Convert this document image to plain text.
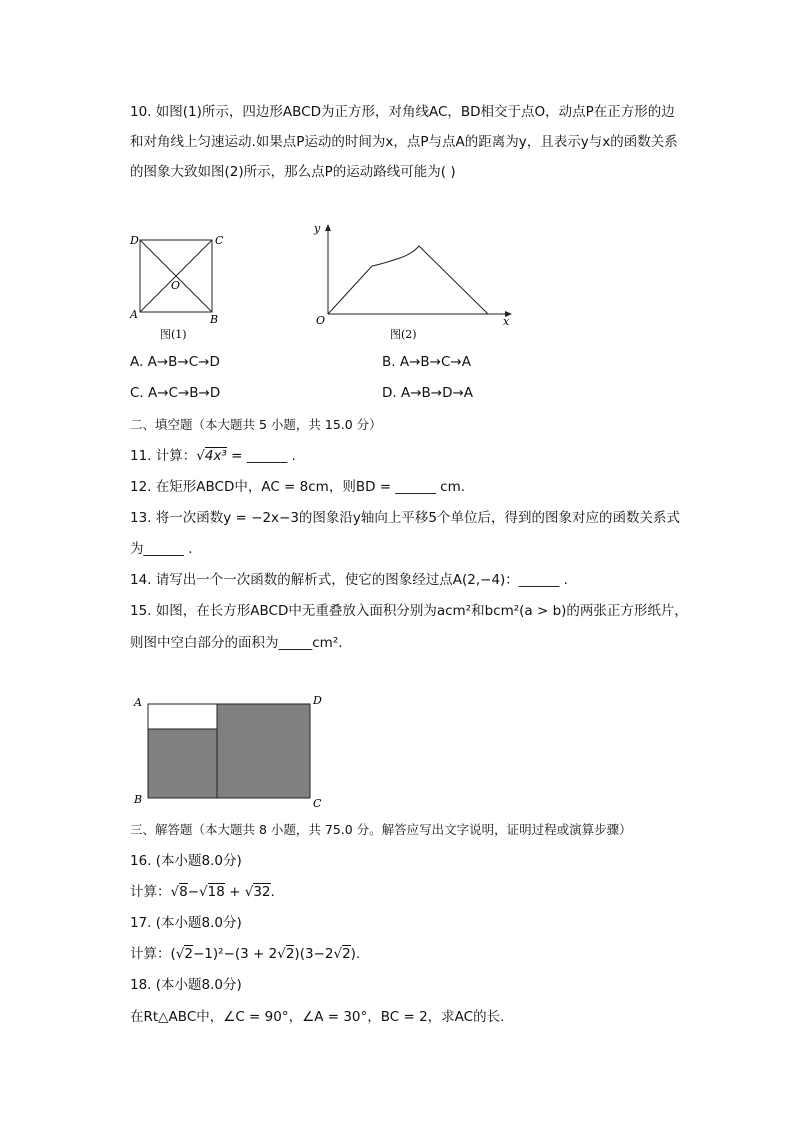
10. 如图(1)所示，四边形ABCD为正方形，对角线AC，BD相交于点O，动点P在正方形的边
和对角线上匀速运动.如果点P运动的时间为x，点P与点A的距离为y，且表示y与x的函数关系
的图象大致如图(2)所示，那么点P的运动路线可能为( )
D	C
A	B
O
图(1)
y
x
O
图(2)
A. A→B→C→D	B. A→B→C→A
C. A→C→B→D	D. A→B→D→A
二、填空题（本大题共 5 小题，共 15.0 分）
11. 计算：√4x³ = ______ .
12. 在矩形ABCD中，AC = 8cm，则BD = ______ cm.
13. 将一次函数y = −2x−3的图象沿y轴向上平移5个单位后，得到的图象对应的函数关系式
为______ .
14. 请写出一个一次函数的解析式，使它的图象经过点A(2,−4)：______ .
15. 如图，在长方形ABCD中无重叠放入面积分别为acm²和bcm²(a > b)的两张正方形纸片，
则图中空白部分的面积为_____cm².
A	D
B	C
三、解答题（本大题共 8 小题，共 75.0 分。解答应写出文字说明，证明过程或演算步骤）
16. (本小题8.0分)
计算：√8−√18 + √32.
17. (本小题8.0分)
计算：(√2−1)²−(3 + 2√2)(3−2√2).
18. (本小题8.0分)
在Rt△ABC中，∠C = 90°，∠A = 30°，BC = 2，求AC的长.
